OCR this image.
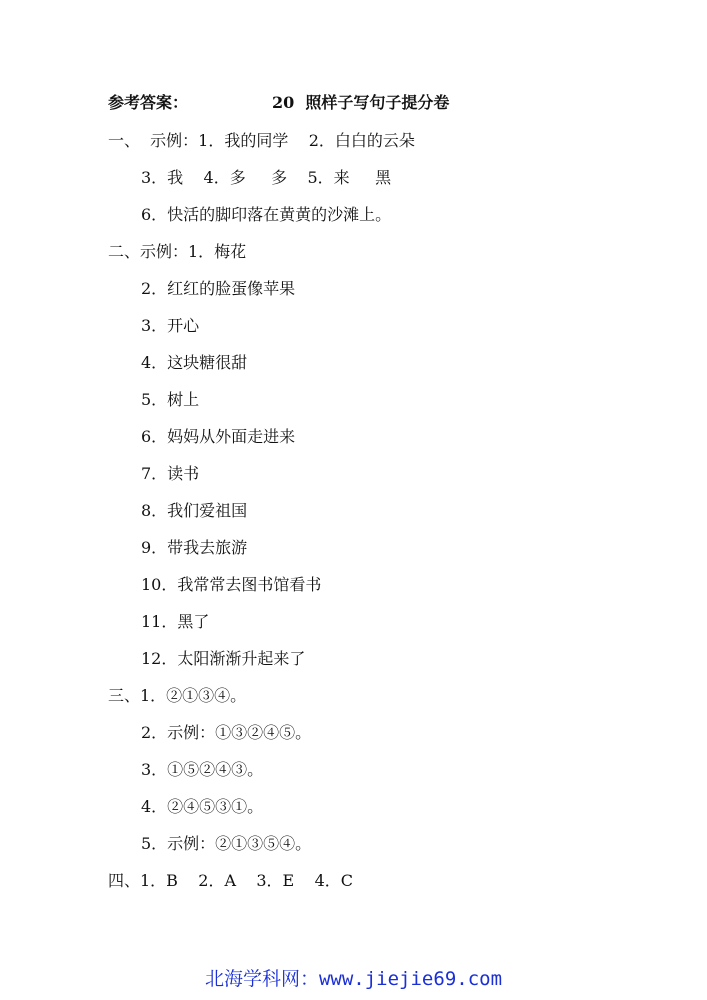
参考答案：

	20  照样子写句子提分卷

一、  示例：1．我的同学    2．白白的云朵
3．我    4．多     多    5．来     黑
6．快活的脚印落在黄黄的沙滩上。
二、示例：1．梅花
2．红红的脸蛋像苹果
3．开心
4．这块糖很甜
5．树上
6．妈妈从外面走进来
7．读书
8．我们爱祖国
9．带我去旅游
10．我常常去图书馆看书
11．黑了
12．太阳渐渐升起来了
三、1．②①③④。
2．示例：①③②④⑤。
3．①⑤②④③。
4．②④⑤③①。
5．示例：②①③⑤④。
四、1．B    2．A    3．E    4．C
北海学科网：www.jiejie69.com
